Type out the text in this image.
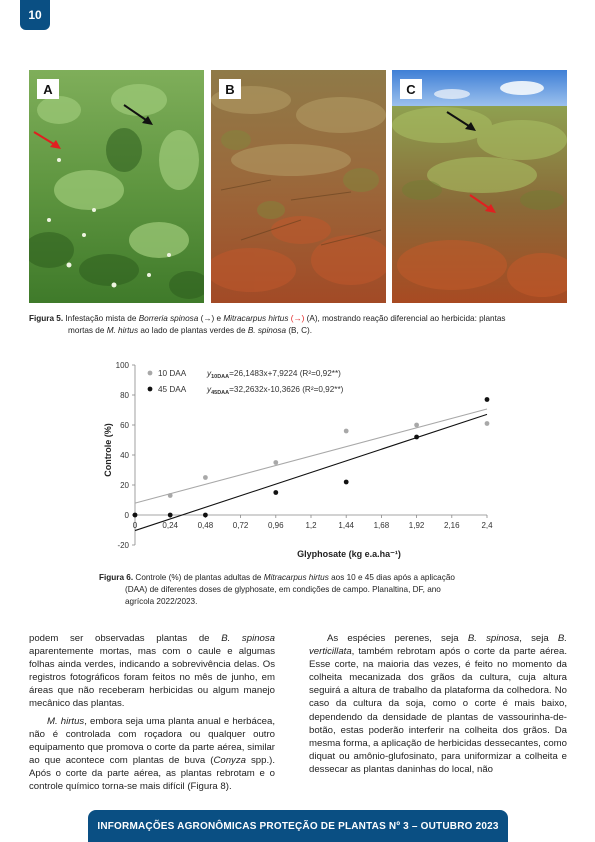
10
A	B	C
Figura 5. Infestação mista de Borreria spinosa (→) e Mitracarpus hirtus (→) (A), mostrando reação diferencial ao herbicida: plantas
mortas de M. hirtus ao lado de plantas verdes de B. spinosa (B, C).
-20
0
20
40
60
80
100
0	0,24 0,48 0,72 0,96	1,2	1,44 1,68 1,92 2,16	2,4
10 DAA	$y_{10DAA}=26,1483x+7,9224$ (R²=0,92**)
45 DAA	$y_{45DAA}=32,2632x-10,3626$ (R²=0,92**)
Glyphosate (kg e.a.ha⁻¹)
Controle (%)
Figura 6. Controle (%) de plantas adultas de Mitracarpus hirtus aos 10 e 45 dias após a aplicação
(DAA) de diferentes doses de glyphosate, em condições de campo. Planaltina, DF, ano
agrícola 2022/2023.

podem ser observadas plantas de B. spinosa aparentemente mortas, mas com o caule e algumas folhas ainda verdes, indicando a sobrevivência delas. Os registros fotográficos foram feitos no mês de junho, em áreas que não receberam herbicidas ou algum manejo mecânico das plantas.

M. hirtus, embora seja uma planta anual e herbácea, não é controlada com roçadora ou qualquer outro equipamento que promova o corte da parte aérea, similar ao que acontece com plantas de buva (Conyza spp.). Após o corte da parte aérea, as plantas rebrotam e o controle químico torna-se mais difícil (Figura 8).

As espécies perenes, seja B. spinosa, seja B. verticillata, também rebrotam após o corte da parte aérea. Esse corte, na maioria das vezes, é feito no momento da colheita mecanizada dos grãos da cultura, cuja altura seguirá a altura de trabalho da plataforma da colhedora. No caso da cultura da soja, como o corte é mais baixo, dependendo da densidade de plantas de vassourinha-de-botão, estas poderão interferir na colheita dos grãos. Da mesma forma, a aplicação de herbicidas dessecantes, como diquat ou amônio-glufosinato, para uniformizar a colheita e dessecar as plantas daninhas do local, não

INFORMAÇÕES AGRONÔMICAS PROTEÇÃO DE PLANTAS Nº 3 – OUTUBRO 2023
